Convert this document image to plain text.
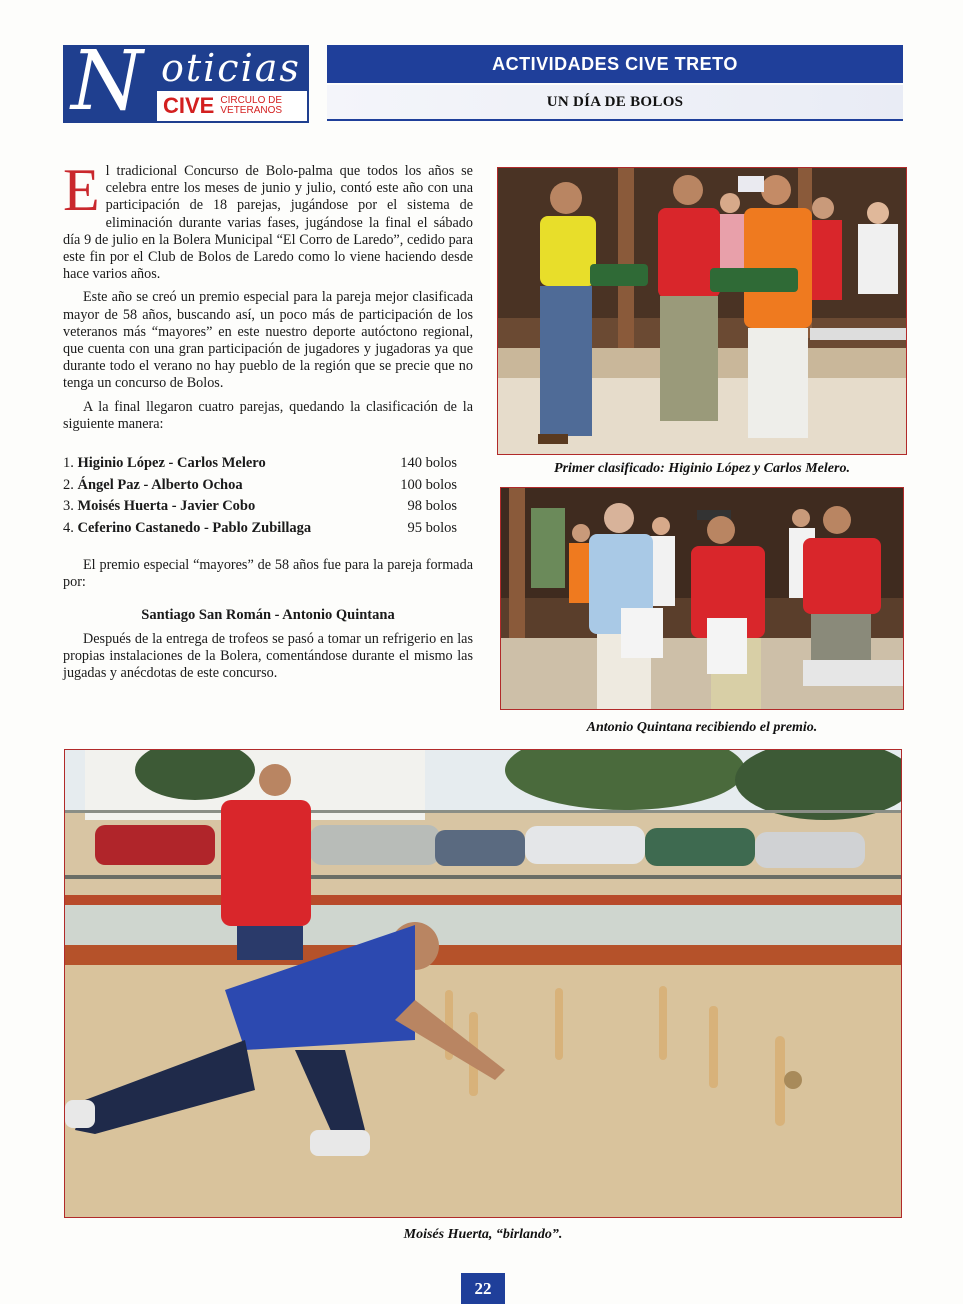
N oticias
CIVE CIRCULO DE
VETERANOS
ACTIVIDADES CIVE TRETO
UN DÍA DE BOLOS

El tradicional Concurso de Bolo-palma que todos los años se celebra entre los meses de junio y julio, contó este año con una participación de 18 parejas, jugándose por el sistema de eliminación durante varias fases, jugándose la final el sábado día 9 de julio en la Bolera Municipal “El Corro de Laredo”, cedido para este fin por el Club de Bolos de Laredo como lo viene haciendo desde hace varios años.

Este año se creó un premio especial para la pareja mejor clasificada mayor de 58 años, buscando así, un poco más de participación de los veteranos más “mayores” en este nuestro deporte autóctono regional, que cuenta con una gran participación de jugadores y jugadoras ya que durante todo el verano no hay pueblo de la región que se precie que no tenga un concurso de Bolos.

A la final llegaron cuatro parejas, quedando la clasificación de la siguiente manera:

1. Higinio López - Carlos Melero	140 bolos
2. Ángel Paz - Alberto Ochoa	100 bolos
3. Moisés Huerta - Javier Cobo	98 bolos
4. Ceferino Castanedo - Pablo Zubillaga	95 bolos

El premio especial “mayores” de 58 años fue para la pareja formada por:

Santiago San Román - Antonio Quintana

Después de la entrega de trofeos se pasó a tomar un refrigerio en las propias instalaciones de la Bolera, comentándose durante el mismo las jugadas y anécdotas de este concurso.

Primer clasificado: Higinio López y Carlos Melero.
Antonio Quintana recibiendo el premio.
Moisés Huerta, “birlando”.
22
